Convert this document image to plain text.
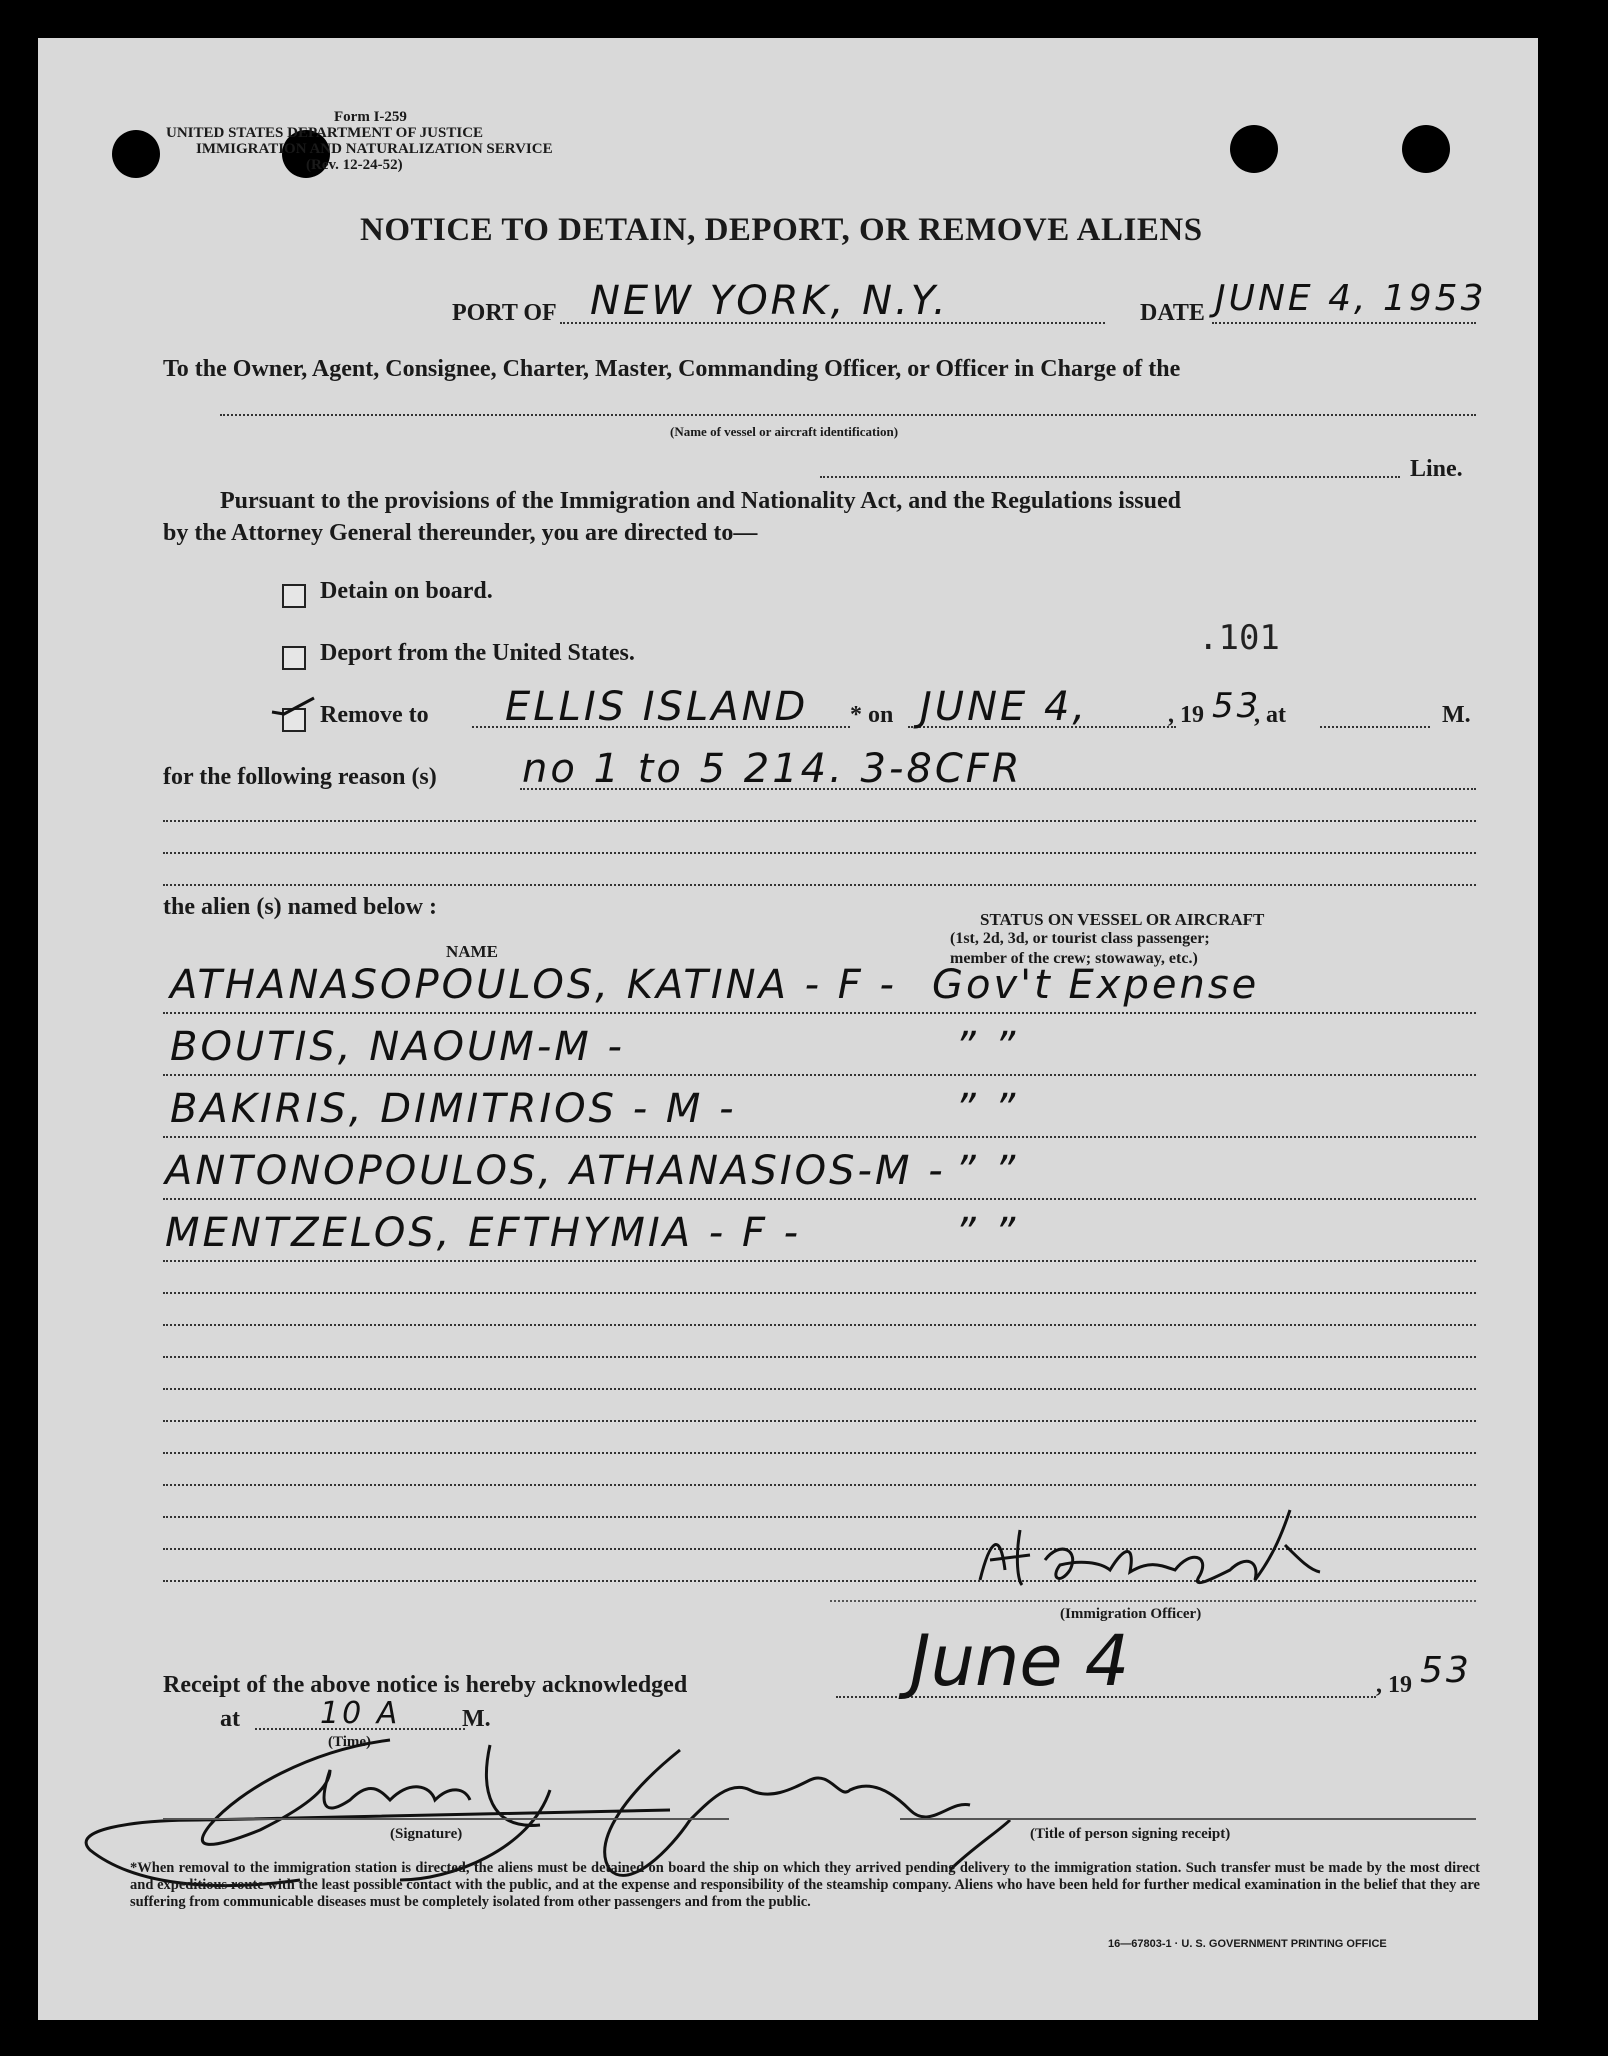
Form I-259
UNITED STATES DEPARTMENT OF JUSTICE
IMMIGRATION AND NATURALIZATION SERVICE
(Rev. 12-24-52)
NOTICE TO DETAIN, DEPORT, OR REMOVE ALIENS
PORT OF NEW YORK, N.Y.	DATE JUNE 4, 1953
To the Owner, Agent, Consignee, Charter, Master, Commanding Officer, or Officer in Charge of the
(Name of vessel or aircraft identification)
Line.
Pursuant to the provisions of the Immigration and Nationality Act, and the Regulations issued
by the Attorney General thereunder, you are directed to—
Detain on board.
Deport from the United States.	.101
Remove to ELLIS ISLAND * on JUNE 4,	, 19 53
, at	M.
for the following reason (s) no 1 to 5 214. 3-8CFR
the alien (s) named below :
NAME
STATUS ON VESSEL OR AIRCRAFT
(1st, 2d, 3d, or tourist class passenger;
member of the crew; stowaway, etc.)
ATHANASOPOULOS, KATINA - F - Gov't Expense
BOUTIS, NAOUM-M -	” ”
BAKIRIS, DIMITRIOS - M -	” ”
ANTONOPOULOS, ATHANASIOS-M - ” ”
MENTZELOS, EFTHYMIA - F -	” ”
(Immigration Officer)
Receipt of the above notice is hereby acknowledged	June 4	, 19 53
at	10 A	M.
(Time)
(Signature)	(Title of person signing receipt)
*When removal to the immigration station is directed, the aliens must be detained on board the ship on which they arrived pending delivery to the immigration station. Such transfer must be made by the most direct and expeditious route with the least possible contact with the public, and at the expense and responsibility of the steamship company. Aliens who have been held for further medical examination in the belief that they are suffering from communicable diseases must be completely isolated from other passengers and from the public.
16—67803-1 · U. S. GOVERNMENT PRINTING OFFICE
